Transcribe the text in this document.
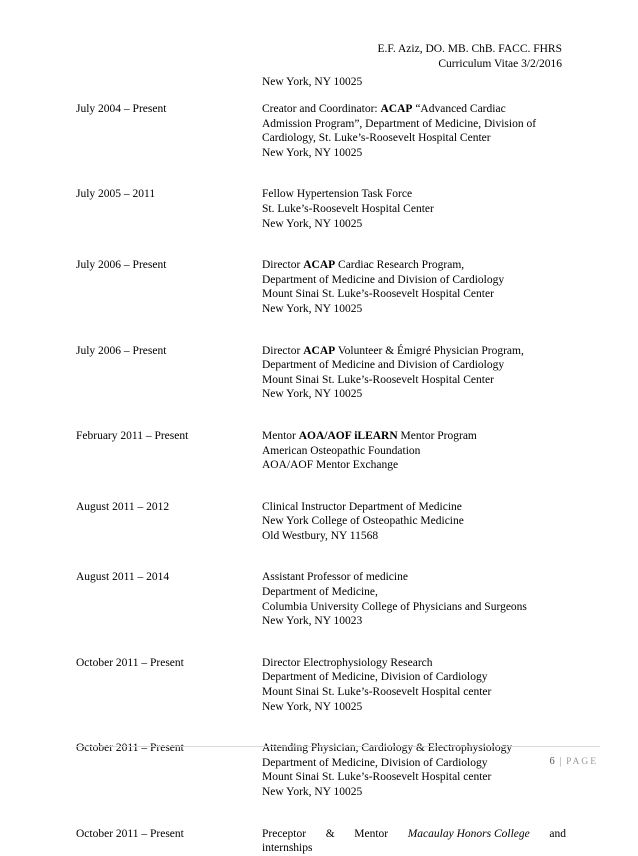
E.F. Aziz, DO. MB. ChB. FACC. FHRS
Curriculum Vitae 3/2/2016
New York, NY 10025
July 2004 – Present	Creator and Coordinator: ACAP “Advanced Cardiac
Admission Program”, Department of Medicine, Division of
Cardiology, St. Luke’s-Roosevelt Hospital Center
New York, NY 10025
July 2005 – 2011	Fellow Hypertension Task Force
St. Luke’s-Roosevelt Hospital Center
New York, NY 10025
July 2006 – Present	Director ACAP Cardiac Research Program,
Department of Medicine and Division of Cardiology
Mount Sinai St. Luke’s-Roosevelt Hospital Center
New York, NY 10025
July 2006 – Present	Director ACAP Volunteer & Émigré Physician Program,
Department of Medicine and Division of Cardiology
Mount Sinai St. Luke’s-Roosevelt Hospital Center
New York, NY 10025
February 2011 – Present	Mentor AOA/AOF iLEARN Mentor Program
American Osteopathic Foundation
AOA/AOF Mentor Exchange
August 2011 – 2012	Clinical Instructor Department of Medicine
New York College of Osteopathic Medicine
Old Westbury, NY 11568
August 2011 – 2014	Assistant Professor of medicine
Department of Medicine,
Columbia University College of Physicians and Surgeons
New York, NY 10023
October 2011 – Present	Director Electrophysiology Research
Department of Medicine, Division of Cardiology
Mount Sinai St. Luke’s-Roosevelt Hospital center
New York, NY 10025
October 2011 – Present	Attending Physician, Cardiology & Electrophysiology
Department of Medicine, Division of Cardiology
Mount Sinai St. Luke’s-Roosevelt Hospital center
New York, NY 10025
October 2011 – Present	Preceptor & Mentor Macaulay Honors College and
internships
6 | PAGE
